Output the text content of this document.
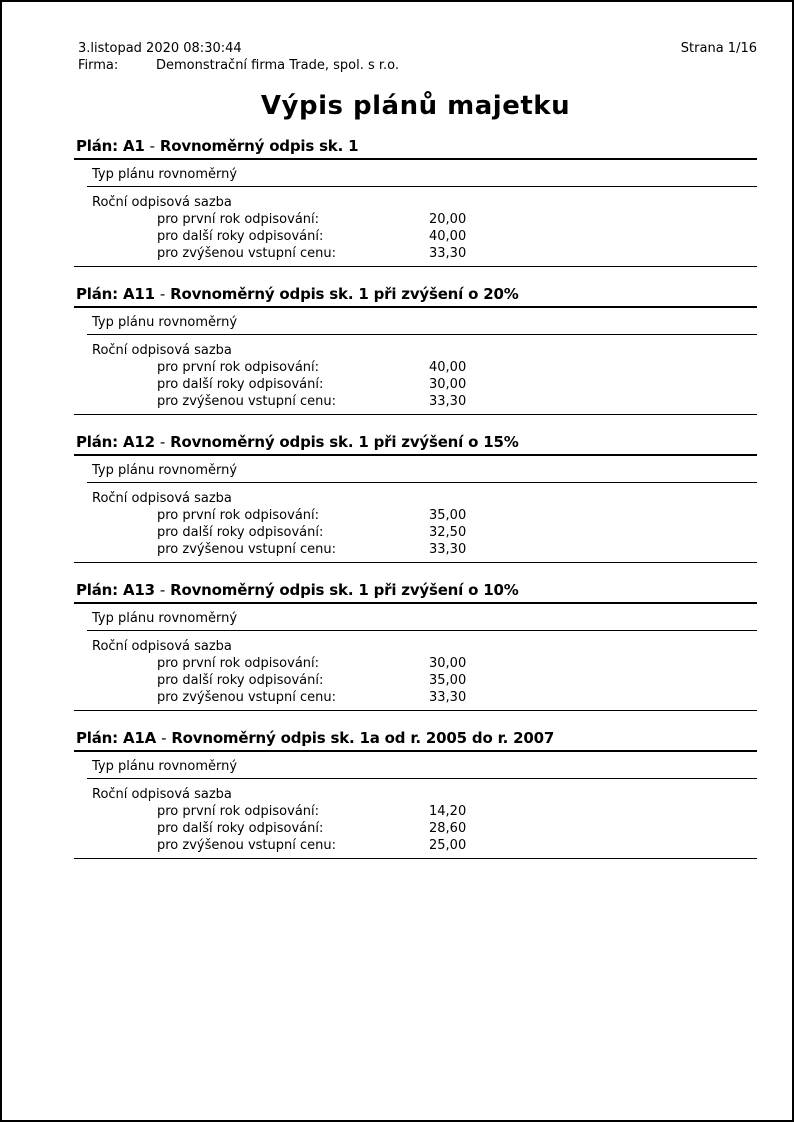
3.listopad 2020 08:30:44
Firma:	Demonstrační firma Trade, spol. s r.o.
Strana 1/16
Výpis plánů majetku
Plán: A1 - Rovnoměrný odpis sk. 1
Typ plánu rovnoměrný
Roční odpisová sazba
pro první rok odpisování:	20,00
pro další roky odpisování:	40,00
pro zvýšenou vstupní cenu:	33,30
Plán: A11 - Rovnoměrný odpis sk. 1 při zvýšení o 20%
Typ plánu rovnoměrný
Roční odpisová sazba
pro první rok odpisování:	40,00
pro další roky odpisování:	30,00
pro zvýšenou vstupní cenu:	33,30
Plán: A12 - Rovnoměrný odpis sk. 1 při zvýšení o 15%
Typ plánu rovnoměrný
Roční odpisová sazba
pro první rok odpisování:	35,00
pro další roky odpisování:	32,50
pro zvýšenou vstupní cenu:	33,30
Plán: A13 - Rovnoměrný odpis sk. 1 při zvýšení o 10%
Typ plánu rovnoměrný
Roční odpisová sazba
pro první rok odpisování:	30,00
pro další roky odpisování:	35,00
pro zvýšenou vstupní cenu:	33,30
Plán: A1A - Rovnoměrný odpis sk. 1a od r. 2005 do r. 2007
Typ plánu rovnoměrný
Roční odpisová sazba
pro první rok odpisování:	14,20
pro další roky odpisování:	28,60
pro zvýšenou vstupní cenu:	25,00
